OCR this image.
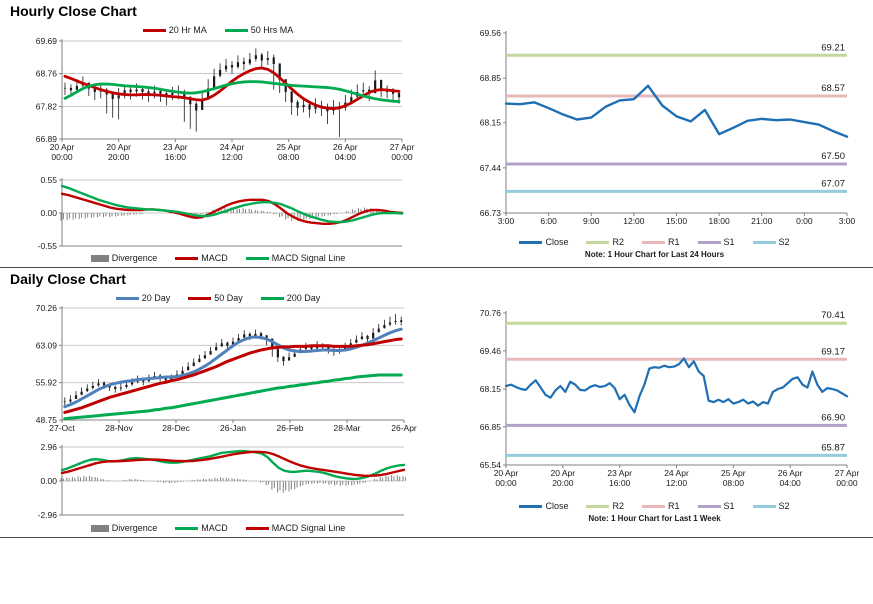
Hourly Close Chart
20 Hr MA	50 Hrs MA
69.69
68.76
67.82
66.89
20 Apr
00:00
20 Apr
20:00
23 Apr
16:00
24 Apr
12:00
25 Apr
08:00
26 Apr
04:00
27 Apr
00:00
0.55
0.00
-0.55
Divergence	MACD	MACD Signal Line
69.56
68.85
68.15
67.44
66.73
3:00	6:00	9:00	12:00	15:00	18:00	21:00	0:00	3:00
69.21
68.57
67.50
67.07
Close	R2	R1	S1	S2
Note: 1 Hour Chart for Last 24 Hours
Daily Close Chart
20 Day	50 Day	200 Day
70.26
63.09
55.92
48.75
27-Oct	28-Nov	28-Dec	26-Jan	26-Feb	28-Mar	26-Apr
2.96
0.00
-2.96
Divergence	MACD	MACD Signal Line
70.76
69.46
68.15
66.85
65.54
20 Apr
00:00
20 Apr
20:00
23 Apr
16:00
24 Apr
12:00
25 Apr
08:00
26 Apr
04:00
27 Apr
00:00
70.41
69.17
66.90
65.87
Close	R2	R1	S1	S2
Note: 1 Hour Chart for Last 1 Week
